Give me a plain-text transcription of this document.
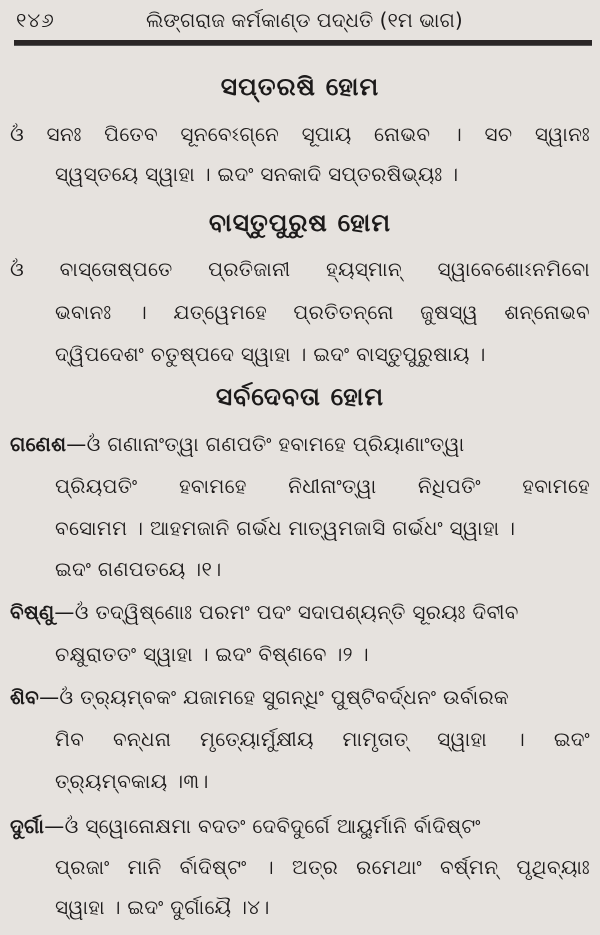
୧୪୬	ଲିଙ୍ଗରାଜ କର୍ମକାଣ୍ଡ ପଦ୍ଧତି (୧ମ ଭାଗ)
ସପ୍ତରଷି ହୋମ
ଓଁ ସନଃ ପିତେବ ସୂନବେଽଗ୍ନେ ସୂପାୟ ନୋଭବ । ସଚ ସ୍ୱାନଃ
ସ୍ୱସ୍ତୟେ ସ୍ୱାହା । ଇଦଂ ସନକାଦି ସପ୍ତରଷିଭ୍ୟଃ ।
ବାସ୍ତୁପୁରୁଷ ହୋମ
ଓଁ ବାସ୍ତୋଷ୍ପତେ ପ୍ରତିଜାନୀ ହ୍ୟସ୍ମାନ୍ ସ୍ୱାବେଶୋଽନମିବୋ
ଭବାନଃ । ଯତ୍ୱେମହେ ପ୍ରତିତନ୍ନୋ ଜୁଷସ୍ୱ ଶନ୍ନୋଭବ
ଦ୍ୱିପଦେଶଂ ଚତୁଷ୍ପଦେ ସ୍ୱାହା । ଇଦଂ ବାସ୍ତୁପୁରୁଷାୟ ।
ସର୍ବଦେବତା ହୋମ
ଗଣେଶ—ଓଁ ଗଣାନାଂତ୍ୱା ଗଣପତିଂ ହବାମହେ ପ୍ରିୟାଣାଂତ୍ୱା
ପ୍ରିୟପତିଂ ହବାମହେ ନିଧୀନାଂତ୍ୱା ନିଧିପତିଂ ହବାମହେ
ବସୋମମ । ଆହମଜାନି ଗର୍ଭଧ ମାତ୍ୱମଜାସି ଗର୍ଭଧଂ ସ୍ୱାହା ।
ଇଦଂ ଗଣପତୟେ ।୧।
ବିଷ୍ଣୁ—ଓଁ ତଦ୍ୱିଷ୍ଣୋଃ ପରମଂ ପଦଂ ସଦାପଶ୍ୟନ୍ତି ସୂରୟଃ ଦିବୀବ
ଚକ୍ଷୁରାତତଂ ସ୍ୱାହା । ଇଦଂ ବିଷ୍ଣବେ ।୨ ।
ଶିବ—ଓଁ ତ୍ର୍ୟମ୍ବକଂ ଯଜାମହେ ସୁଗନ୍ଧିଂ ପୁଷ୍ଟିବର୍ଦ୍ଧନଂ ଉର୍ବାରକ
ମିବ ବନ୍ଧନା ମୃତ୍ୟୋର୍ମୁକ୍ଷୀୟ ମାମୃତାତ୍ ସ୍ୱାହା । ଇଦଂ
ତ୍ର୍ୟମ୍ବକାୟ ।୩।
ଦୁର୍ଗା—ଓଁ ସ୍ୱୋନୋକ୍ଷମା ବଦତଂ ଦେବିଦୁର୍ଗେ ଆୟୁର୍ମାନି ର୍ବାଦିଷ୍ଟଂ
ପ୍ରଜାଂ ମାନି ର୍ବାଦିଷ୍ଟଂ । ଅତ୍ର ରମେଥାଂ ବର୍ଷ୍ମନ୍ ପୃଥିବ୍ୟାଃ
ସ୍ୱାହା । ଇଦଂ ଦୁର୍ଗାୟୈ ।୪।
